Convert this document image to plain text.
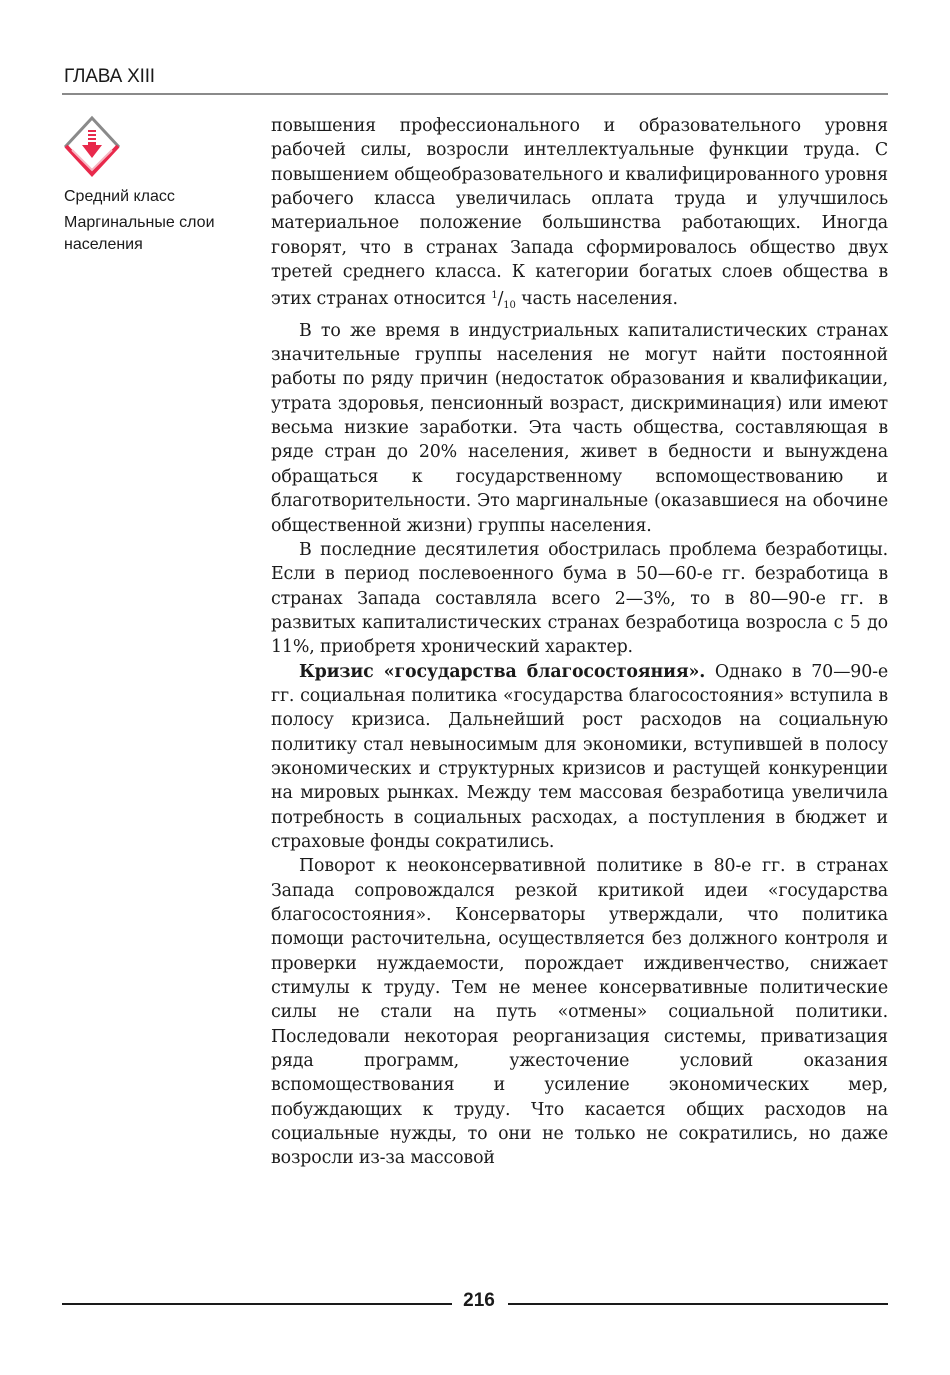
ГЛАВА XIII
Средний класс
Маргинальные слои населения

повышения профессионального и образовательного уровня рабочей силы, возросли интеллектуальные функции труда. С повышением общеобразовательного и квалифицированного уровня рабочего класса увеличилась оплата труда и улучшилось материальное положение большинства работающих. Иногда говорят, что в странах Запада сформировалось общество двух третей среднего класса. К категории богатых слоев общества в этих странах относится $^1/_{10}$ часть населения.

В то же время в индустриальных капиталистических странах значительные группы населения не могут найти постоянной работы по ряду причин (недостаток образования и квалификации, утрата здоровья, пенсионный возраст, дискриминация) или имеют весьма низкие заработки. Эта часть общества, составляющая в ряде стран до 20% населения, живет в бедности и вынуждена обращаться к государственному вспомоществованию и благотворительности. Это маргинальные (оказавшиеся на обочине общественной жизни) группы населения.

В последние десятилетия обострилась проблема безработицы. Если в период послевоенного бума в 50—60-е гг. безработица в странах Запада составляла всего 2—3%, то в 80—90-е гг. в развитых капиталистических странах безработица возросла с 5 до 11%, приобретя хронический характер.

Кризис «государства благосостояния». Однако в 70—90-е гг. социальная политика «государства благосостояния» вступила в полосу кризиса. Дальнейший рост расходов на социальную политику стал невыносимым для экономики, вступившей в полосу экономических и структурных кризисов и растущей конкуренции на мировых рынках. Между тем массовая безработица увеличила потребность в социальных расходах, а поступления в бюджет и страховые фонды сократились.

Поворот к неоконсервативной политике в 80-е гг. в странах Запада сопровождался резкой критикой идеи «государства благосостояния». Консерваторы утверждали, что политика помощи расточительна, осуществляется без должного контроля и проверки нуждаемости, порождает иждивенчество, снижает стимулы к труду. Тем не менее консервативные политические силы не стали на путь «отмены» социальной политики. Последовали некоторая реорганизация системы, приватизация ряда программ, ужесточение условий оказания вспомоществования и усиление экономических мер, побуждающих к труду. Что касается общих расходов на социальные нужды, то они не только не сократились, но даже возросли из-за массовой

216
